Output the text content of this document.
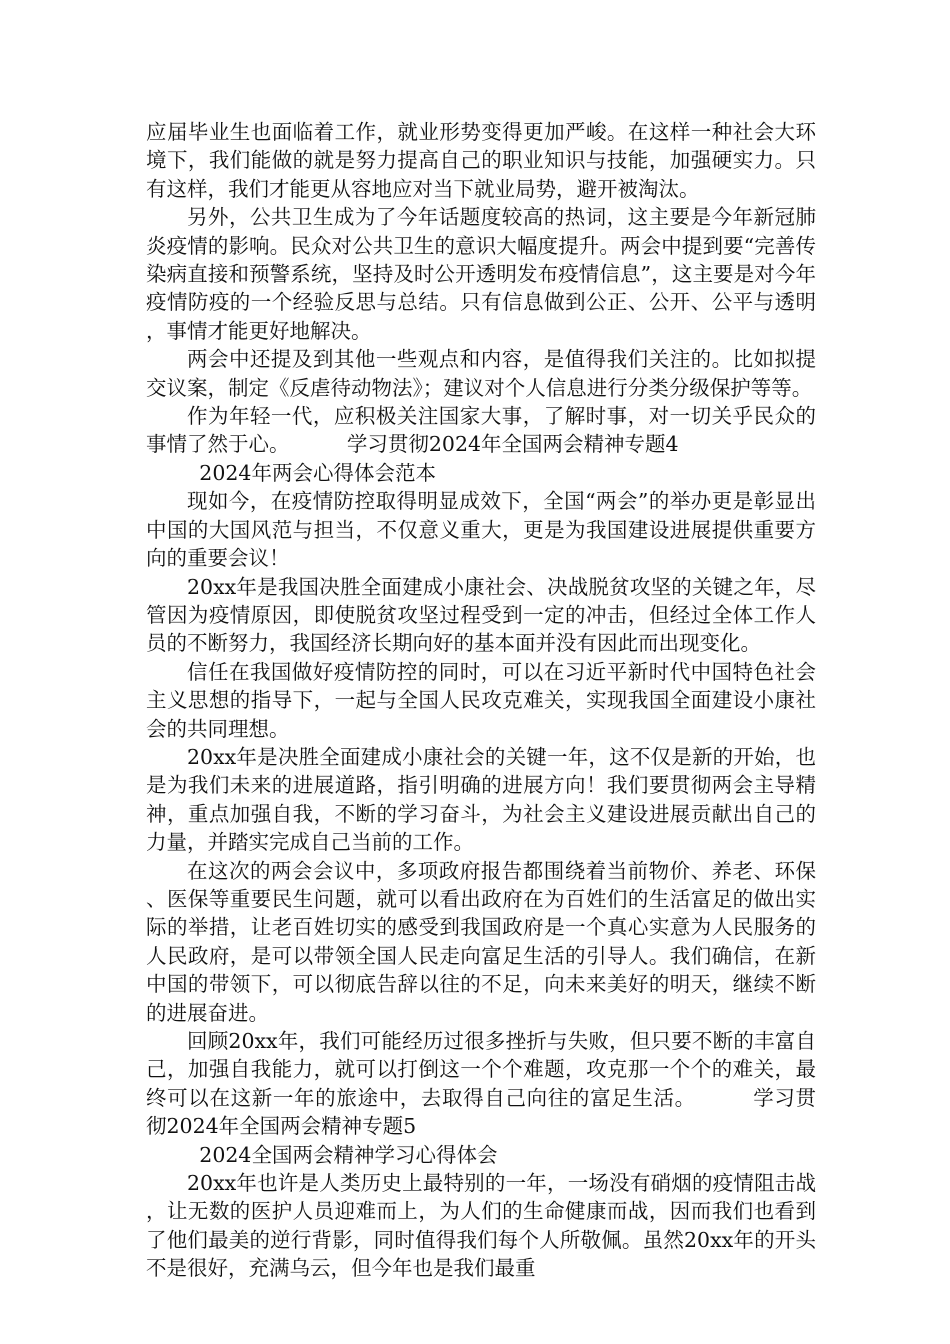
应届毕业生也面临着工作，就业形势变得更加严峻。在这样一种社会大环境下，我们能做的就是努力提高自己的职业知识与技能，加强硬实力。只有这样，我们才能更从容地应对当下就业局势，避开被淘汰。

另外，公共卫生成为了今年话题度较高的热词，这主要是今年新冠肺炎疫情的影响。民众对公共卫生的意识大幅度提升。两会中提到要“完善传染病直接和预警系统，坚持及时公开透明发布疫情信息”，这主要是对今年疫情防疫的一个经验反思与总结。只有信息做到公正、公开、公平与透明，事情才能更好地解决。

两会中还提及到其他一些观点和内容，是值得我们关注的。比如拟提交议案，制定《反虐待动物法》；建议对个人信息进行分类分级保护等等。

作为年轻一代，应积极关注国家大事，了解时事，对一切关乎民众的事情了然于心。	学习贯彻2024年全国两会精神专题4

2024年两会心得体会范本

现如今，在疫情防控取得明显成效下，全国“两会”的举办更是彰显出中国的大国风范与担当，不仅意义重大，更是为我国建设进展提供重要方向的重要会议！

20xx年是我国决胜全面建成小康社会、决战脱贫攻坚的关键之年，尽管因为疫情原因，即使脱贫攻坚过程受到一定的冲击，但经过全体工作人员的不断努力，我国经济长期向好的基本面并没有因此而出现变化。

信任在我国做好疫情防控的同时，可以在习近平新时代中国特色社会主义思想的指导下，一起与全国人民攻克难关，实现我国全面建设小康社会的共同理想。

20xx年是决胜全面建成小康社会的关键一年，这不仅是新的开始，也是为我们未来的进展道路，指引明确的进展方向！我们要贯彻两会主导精神，重点加强自我，不断的学习奋斗，为社会主义建设进展贡献出自己的力量，并踏实完成自己当前的工作。

在这次的两会会议中，多项政府报告都围绕着当前物价、养老、环保、医保等重要民生问题，就可以看出政府在为百姓们的生活富足的做出实际的举措，让老百姓切实的感受到我国政府是一个真心实意为人民服务的人民政府，是可以带领全国人民走向富足生活的引导人。我们确信，在新中国的带领下，可以彻底告辞以往的不足，向未来美好的明天，继续不断的进展奋进。

回顾20xx年，我们可能经历过很多挫折与失败，但只要不断的丰富自己，加强自我能力，就可以打倒这一个个难题，攻克那一个个的难关，最终可以在这新一年的旅途中，去取得自己向往的富足生活。	学习贯彻2024年全国两会精神专题5

2024全国两会精神学习心得体会

20xx年也许是人类历史上最特别的一年，一场没有硝烟的疫情阻击战，让无数的医护人员迎难而上，为人们的生命健康而战，因而我们也看到了他们最美的逆行背影，同时值得我们每个人所敬佩。虽然20xx年的开头不是很好，充满乌云，但今年也是我们最重
